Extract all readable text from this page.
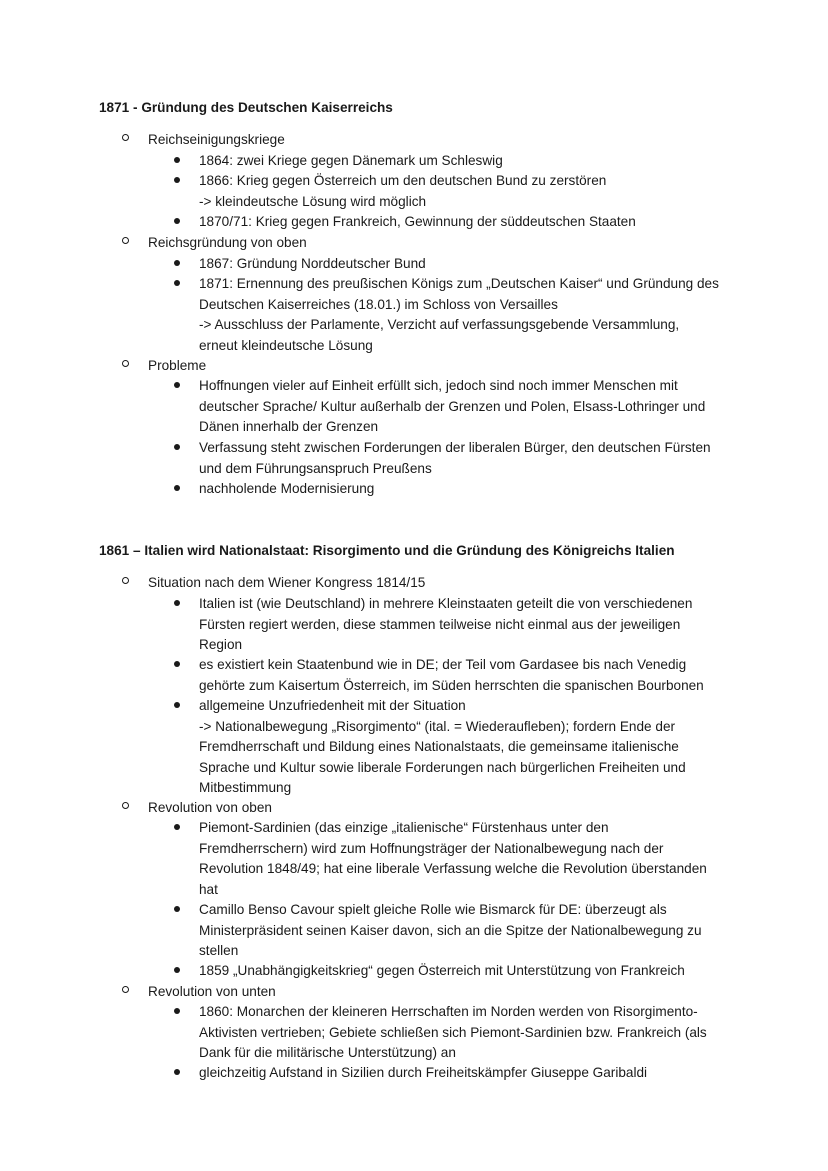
1871 - Gründung des Deutschen Kaiserreichs
Reichseinigungskriege
1864: zwei Kriege gegen Dänemark um Schleswig
1866: Krieg gegen Österreich um den deutschen Bund zu zerstören
-> kleindeutsche Lösung wird möglich
1870/71: Krieg gegen Frankreich, Gewinnung der süddeutschen Staaten
Reichsgründung von oben
1867: Gründung Norddeutscher Bund
1871: Ernennung des preußischen Königs zum „Deutschen Kaiser“ und Gründung des
Deutschen Kaiserreiches (18.01.) im Schloss von Versailles
-> Ausschluss der Parlamente, Verzicht auf verfassungsgebende Versammlung,
erneut kleindeutsche Lösung
Probleme
Hoffnungen vieler auf Einheit erfüllt sich, jedoch sind noch immer Menschen mit
deutscher Sprache/ Kultur außerhalb der Grenzen und Polen, Elsass-Lothringer und
Dänen innerhalb der Grenzen
Verfassung steht zwischen Forderungen der liberalen Bürger, den deutschen Fürsten
und dem Führungsanspruch Preußens
nachholende Modernisierung
1861 – Italien wird Nationalstaat: Risorgimento und die Gründung des Königreichs Italien
Situation nach dem Wiener Kongress 1814/15
Italien ist (wie Deutschland) in mehrere Kleinstaaten geteilt die von verschiedenen
Fürsten regiert werden, diese stammen teilweise nicht einmal aus der jeweiligen
Region
es existiert kein Staatenbund wie in DE; der Teil vom Gardasee bis nach Venedig
gehörte zum Kaisertum Österreich, im Süden herrschten die spanischen Bourbonen
allgemeine Unzufriedenheit mit der Situation
-> Nationalbewegung „Risorgimento“ (ital. = Wiederaufleben); fordern Ende der
Fremdherrschaft und Bildung eines Nationalstaats, die gemeinsame italienische
Sprache und Kultur sowie liberale Forderungen nach bürgerlichen Freiheiten und
Mitbestimmung
Revolution von oben
Piemont-Sardinien (das einzige „italienische“ Fürstenhaus unter den
Fremdherrschern) wird zum Hoffnungsträger der Nationalbewegung nach der
Revolution 1848/49; hat eine liberale Verfassung welche die Revolution überstanden
hat
Camillo Benso Cavour spielt gleiche Rolle wie Bismarck für DE: überzeugt als
Ministerpräsident seinen Kaiser davon, sich an die Spitze der Nationalbewegung zu
stellen
1859 „Unabhängigkeitskrieg“ gegen Österreich mit Unterstützung von Frankreich
Revolution von unten
1860: Monarchen der kleineren Herrschaften im Norden werden von Risorgimento-
Aktivisten vertrieben; Gebiete schließen sich Piemont-Sardinien bzw. Frankreich (als
Dank für die militärische Unterstützung) an
gleichzeitig Aufstand in Sizilien durch Freiheitskämpfer Giuseppe Garibaldi
